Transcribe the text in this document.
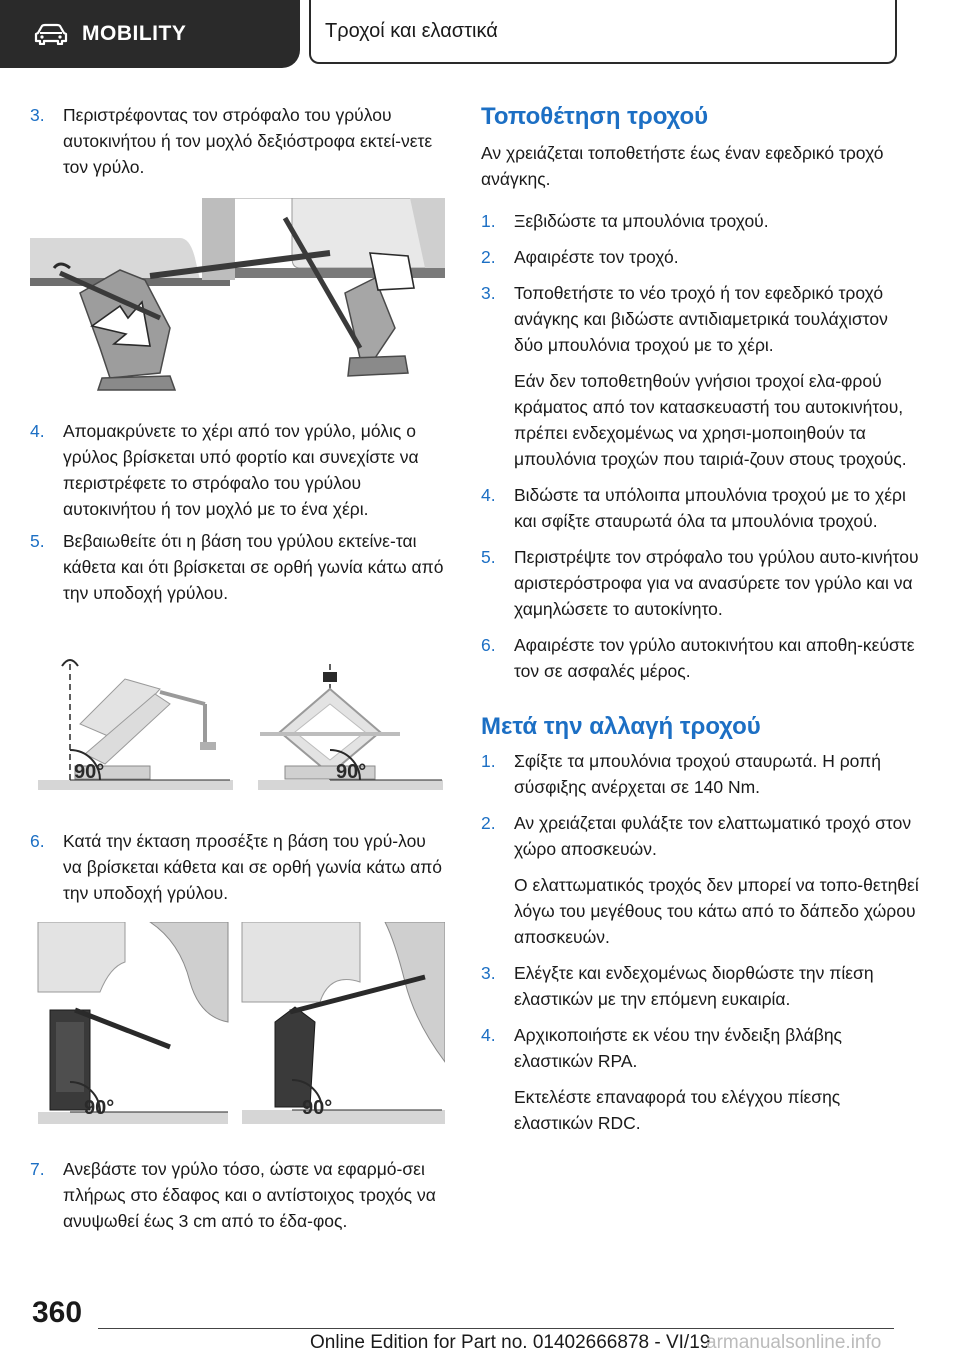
MOBILITY	Τροχοί και ελαστικά
3.	Περιστρέφοντας τον στρόφαλο του γρύλου αυτοκινήτου ή τον μοχλό δεξιόστροφα εκτεί-νετε τον γρύλο.
4.	Απομακρύνετε το χέρι από τον γρύλο, μόλις ο γρύλος βρίσκεται υπό φορτίο και συνεχίστε να περιστρέφετε το στρόφαλο του γρύλου αυτοκινήτου ή τον μοχλό με το ένα χέρι.
5.	Βεβαιωθείτε ότι η βάση του γρύλου εκτείνε-ται κάθετα και ότι βρίσκεται σε ορθή γωνία κάτω από την υποδοχή γρύλου.
90°	90°
6.	Κατά την έκταση προσέξτε η βάση του γρύ-λου να βρίσκεται κάθετα και σε ορθή γωνία κάτω από την υποδοχή γρύλου.
90°	90°
7.	Ανεβάστε τον γρύλο τόσο, ώστε να εφαρμό-σει πλήρως στο έδαφος και ο αντίστοιχος τροχός να ανυψωθεί έως 3 cm από το έδα-φος.
Τοποθέτηση τροχού
Αν χρειάζεται τοποθετήστε έως έναν εφεδρικό τροχό ανάγκης.
1.	Ξεβιδώστε τα μπουλόνια τροχού.
2.	Αφαιρέστε τον τροχό.
3.	Τοποθετήστε το νέο τροχό ή τον εφεδρικό τροχό ανάγκης και βιδώστε αντιδιαμετρικά τουλάχιστον δύο μπουλόνια τροχού με το χέρι.
Εάν δεν τοποθετηθούν γνήσιοι τροχοί ελα-φρού κράματος από τον κατασκευαστή του αυτοκινήτου, πρέπει ενδεχομένως να χρησι-μοποιηθούν τα μπουλόνια τροχών που ταιριά-ζουν στους τροχούς.
4.	Βιδώστε τα υπόλοιπα μπουλόνια τροχού με το χέρι και σφίξτε σταυρωτά όλα τα μπουλόνια τροχού.
5.	Περιστρέψτε τον στρόφαλο του γρύλου αυτο-κινήτου αριστερόστροφα για να ανασύρετε τον γρύλο και να χαμηλώσετε το αυτοκίνητο.
6.	Αφαιρέστε τον γρύλο αυτοκινήτου και αποθη-κεύστε τον σε ασφαλές μέρος.
Μετά την αλλαγή τροχού
1.	Σφίξτε τα μπουλόνια τροχού σταυρωτά. Η ροπή σύσφιξης ανέρχεται σε 140 Nm.
2.	Αν χρειάζεται φυλάξτε τον ελαττωματικό τροχό στον χώρο αποσκευών.
Ο ελαττωματικός τροχός δεν μπορεί να τοπο-θετηθεί λόγω του μεγέθους του κάτω από το δάπεδο χώρου αποσκευών.
3.	Ελέγξτε και ενδεχομένως διορθώστε την πίεση ελαστικών με την επόμενη ευκαιρία.
4.	Αρχικοποιήστε εκ νέου την ένδειξη βλάβης ελαστικών RPA.
Εκτελέστε επαναφορά του ελέγχου πίεσης ελαστικών RDC.
360
Online Edition for Part no. 01402666878 - VI/19
armanualsonline.info
